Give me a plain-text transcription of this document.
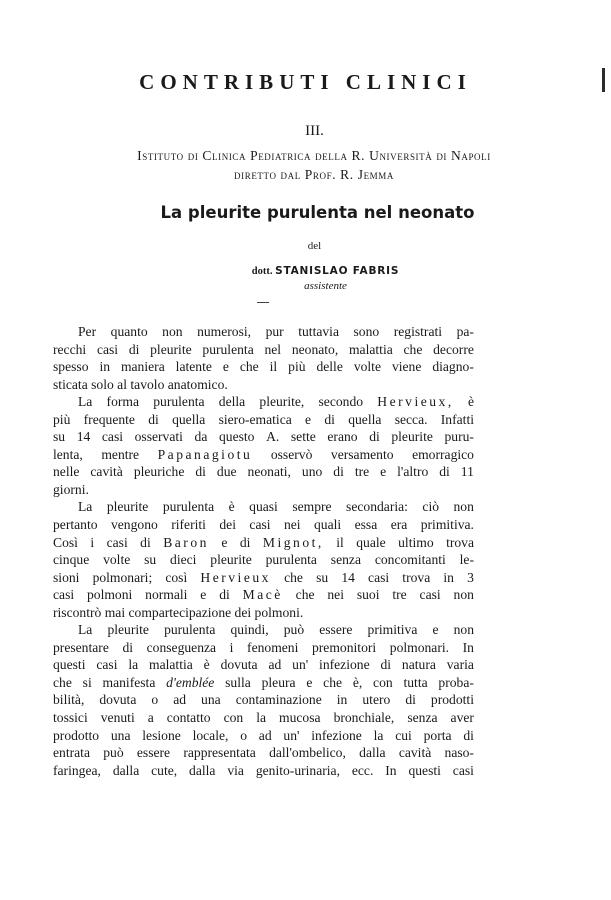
CONTRIBUTI CLINICI
III.
Istituto di Clinica Pediatrica della R. Università di Napoli
diretto dal Prof. R. Jemma
La pleurite purulenta nel neonato
del
dott. STANISLAO FABRIS
assistente
Per quanto non numerosi, pur tuttavia sono registrati pa-
recchi casi di pleurite purulenta nel neonato, malattia che decorre
spesso in maniera latente e che il più delle volte viene diagno-
sticata solo al tavolo anatomico.
La forma purulenta della pleurite, secondo Hervieux, è
più frequente di quella siero-ematica e di quella secca. Infatti
su 14 casi osservati da questo A. sette erano di pleurite puru-
lenta, mentre Papanagiotu osservò versamento emorragico
nelle cavità pleuriche di due neonati, uno di tre e l'altro di 11
giorni.
La pleurite purulenta è quasi sempre secondaria: ciò non
pertanto vengono riferiti dei casi nei quali essa era primitiva.
Così i casi di Baron e di Mignot, il quale ultimo trova
cinque volte su dieci pleurite purulenta senza concomitanti le-
sioni polmonari; così Hervieux che su 14 casi trova in 3
casi polmoni normali e di Macè che nei suoi tre casi non
riscontrò mai compartecipazione dei polmoni.
La pleurite purulenta quindi, può essere primitiva e non
presentare di conseguenza i fenomeni premonitori polmonari. In
questi casi la malattia è dovuta ad un' infezione di natura varia
che si manifesta d'emblée sulla pleura e che è, con tutta proba-
bilità, dovuta o ad una contaminazione in utero di prodotti
tossici venuti a contatto con la mucosa bronchiale, senza aver
prodotto una lesione locale, o ad un' infezione la cui porta di
entrata può essere rappresentata dall'ombelico, dalla cavità naso-
faringea, dalla cute, dalla via genito-urinaria, ecc. In questi casi
